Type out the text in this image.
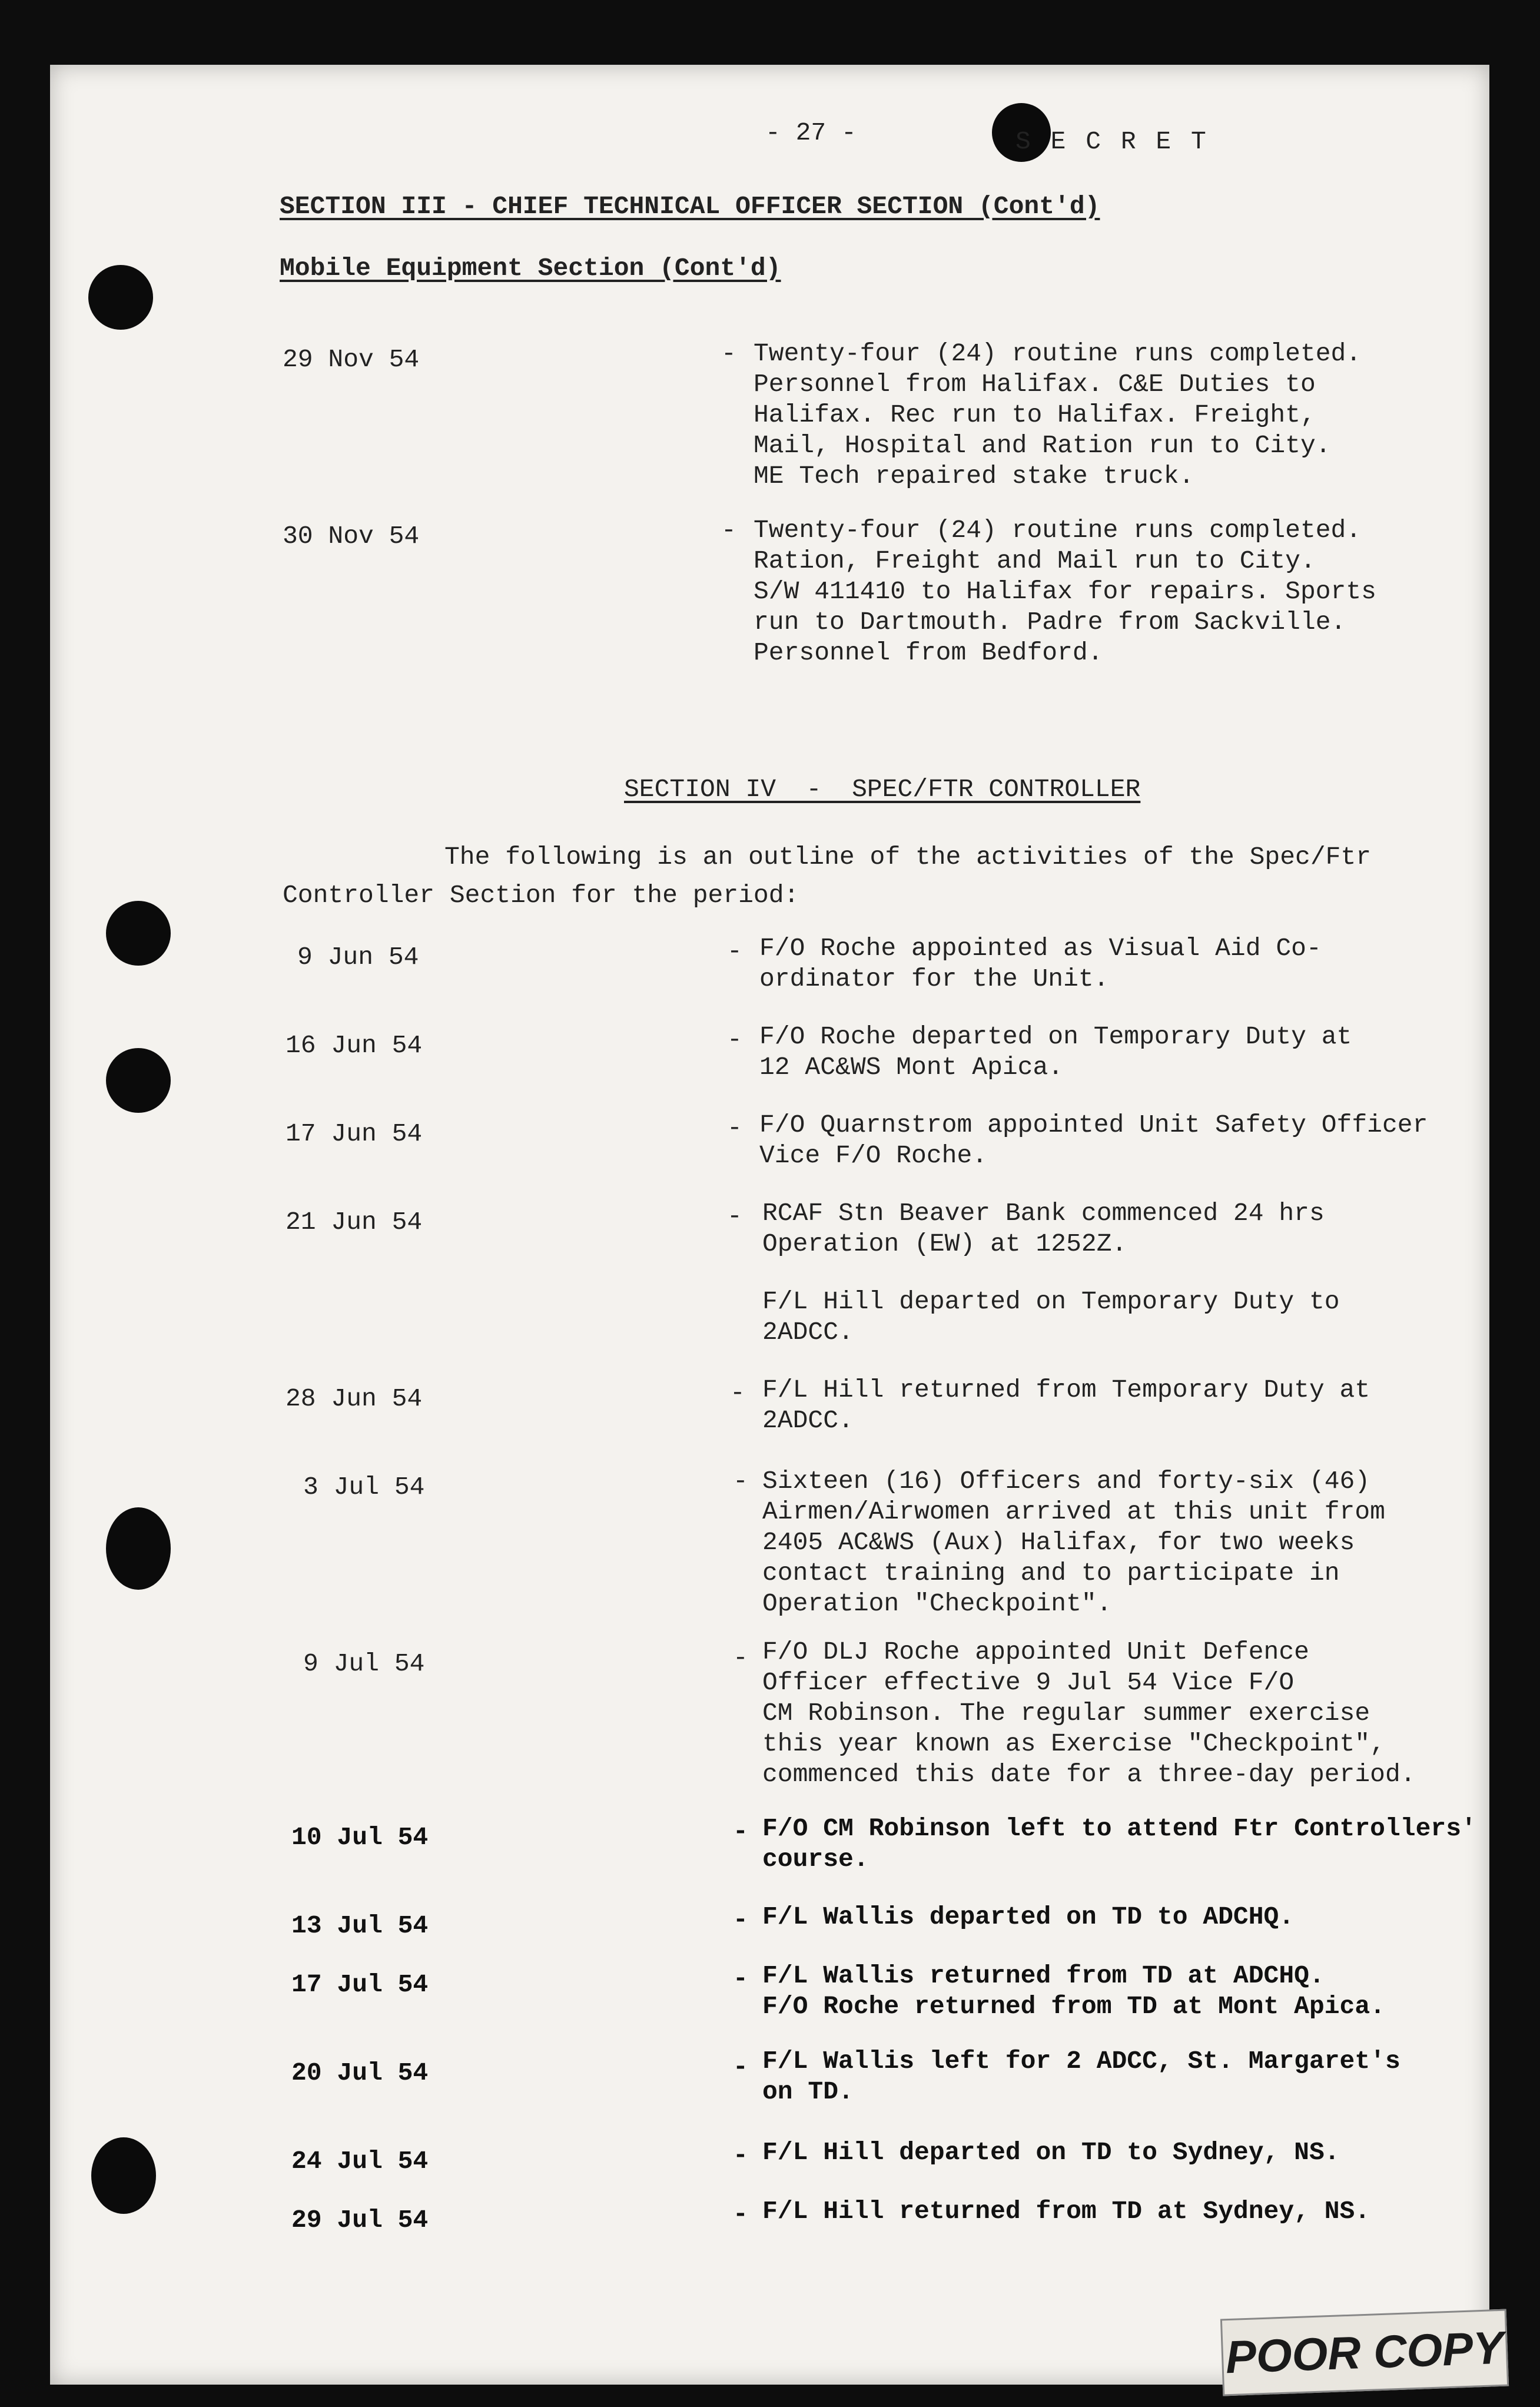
- 27 -	S E C R E T
SECTION III - CHIEF TECHNICAL OFFICER SECTION (Cont'd)
Mobile Equipment Section (Cont'd)
29 Nov 54	- Twenty-four (24) routine runs completed.
Personnel from Halifax. C&E Duties to
Halifax. Rec run to Halifax. Freight,
Mail, Hospital and Ration run to City.
ME Tech repaired stake truck.
30 Nov 54	- Twenty-four (24) routine runs completed.
Ration, Freight and Mail run to City.
S/W 411410 to Halifax for repairs. Sports
run to Dartmouth. Padre from Sackville.
Personnel from Bedford.
SECTION IV  -  SPEC/FTR CONTROLLER
The following is an outline of the activities of the Spec/Ftr
Controller Section for the period:
9 Jun 54	- F/O Roche appointed as Visual Aid Co-
ordinator for the Unit.
16 Jun 54	- F/O Roche departed on Temporary Duty at
12 AC&WS Mont Apica.
17 Jun 54	- F/O Quarnstrom appointed Unit Safety Officer
Vice F/O Roche.
21 Jun 54	- RCAF Stn Beaver Bank commenced 24 hrs
Operation (EW) at 1252Z.
F/L Hill departed on Temporary Duty to
2ADCC.
28 Jun 54	- F/L Hill returned from Temporary Duty at
2ADCC.
3 Jul 54	- Sixteen (16) Officers and forty-six (46)
Airmen/Airwomen arrived at this unit from
2405 AC&WS (Aux) Halifax, for two weeks
contact training and to participate in
Operation "Checkpoint".
9 Jul 54	- F/O DLJ Roche appointed Unit Defence
Officer effective 9 Jul 54 Vice F/O
CM Robinson. The regular summer exercise
this year known as Exercise "Checkpoint",
commenced this date for a three-day period.
10 Jul 54	- F/O CM Robinson left to attend Ftr Controllers'
course.
13 Jul 54	- F/L Wallis departed on TD to ADCHQ.
17 Jul 54	- F/L Wallis returned from TD at ADCHQ.
F/O Roche returned from TD at Mont Apica.
20 Jul 54	- F/L Wallis left for 2 ADCC, St. Margaret's
on TD.
24 Jul 54	- F/L Hill departed on TD to Sydney, NS.
29 Jul 54	- F/L Hill returned from TD at Sydney, NS.
POOR COPY
